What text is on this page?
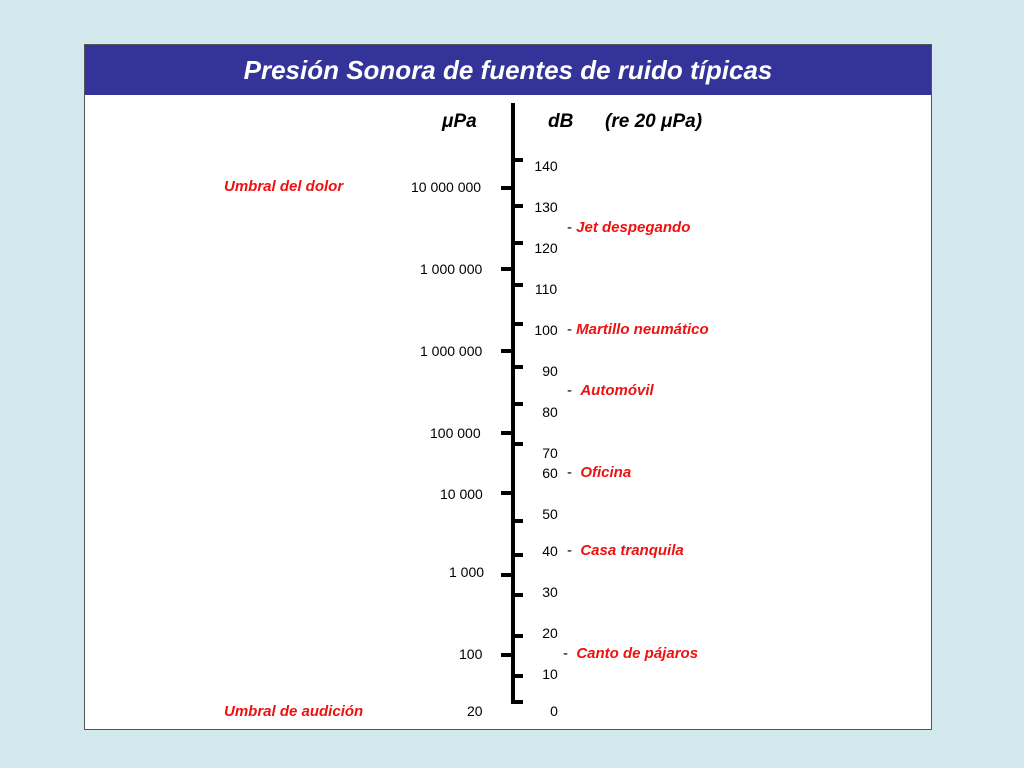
Presión Sonora de fuentes de ruido típicas
μPa	dB (re 20 μPa)
140
130
120
110
100
90
80
70
60
50
40
30
20
10
0
10 000 000
1 000 000
1 000 000
100 000
10 000
1 000
100
20
Umbral del dolor
Umbral de audición
- Jet despegando
- Martillo neumático
-  Automóvil
-  Oficina
-  Casa tranquila
-  Canto de pájaros
